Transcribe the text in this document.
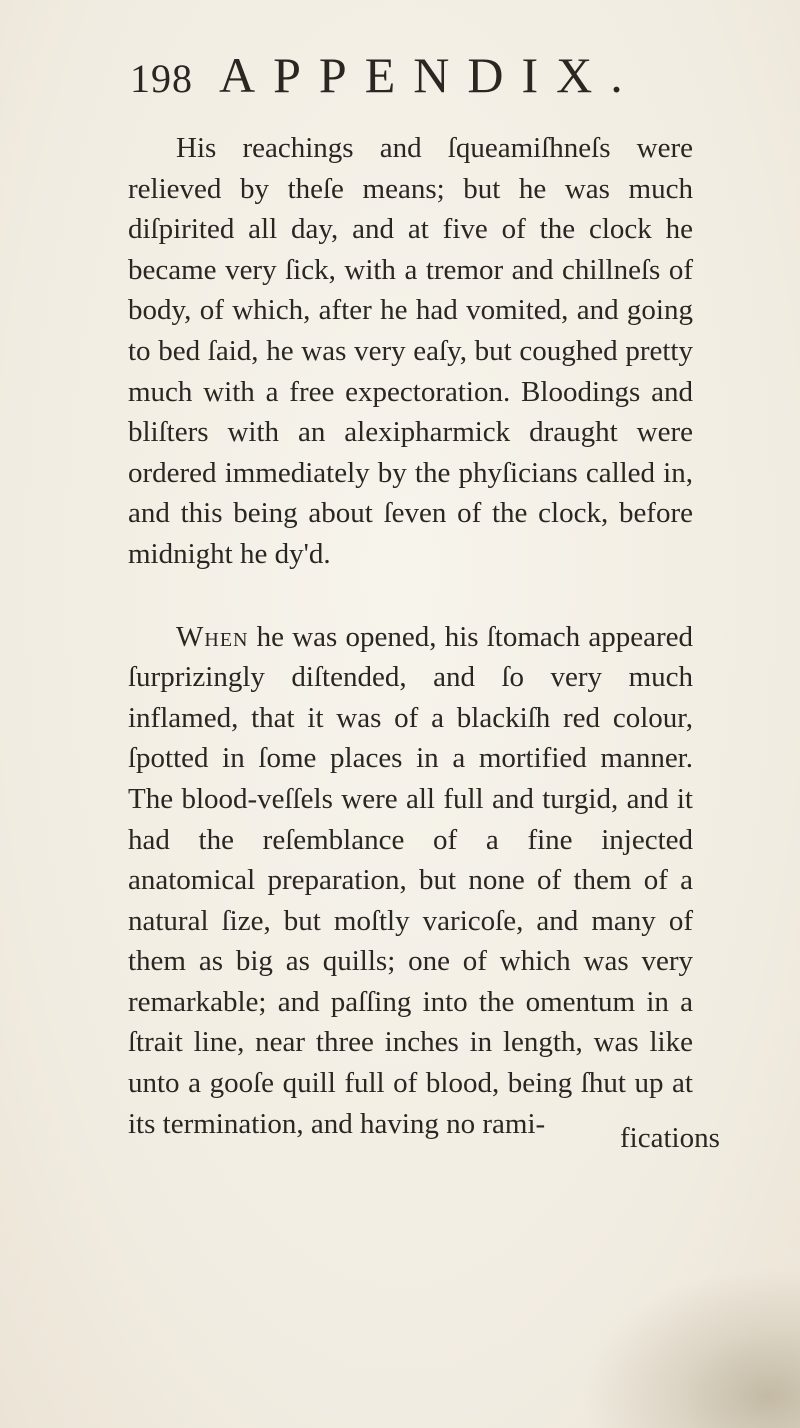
198 APPENDIX.

His reachings and ſqueamiſhneſs were relieved by theſe means; but he was much diſpirited all day, and at five of the clock he became very ſick, with a tremor and chillneſs of body, of which, after he had vomited, and going to bed ſaid, he was very eaſy, but coughed pretty much with a free expectoration. Bloodings and bliſters with an alexipharmick draught were ordered immediately by the phyſicians called in, and this being about ſeven of the clock, before midnight he dy'd.

When he was opened, his ſtomach appeared ſurprizingly diſtended, and ſo very much inflamed, that it was of a blackiſh red colour, ſpotted in ſome places in a mortified manner. The blood-veſſels were all full and turgid, and it had the reſemblance of a fine injected anatomical preparation, but none of them of a natural ſize, but moſtly varicoſe, and many of them as big as quills; one of which was very remarkable; and paſſing into the omentum in a ſtrait line, near three inches in length, was like unto a gooſe quill full of blood, being ſhut up at its termination, and having no rami-	fications
